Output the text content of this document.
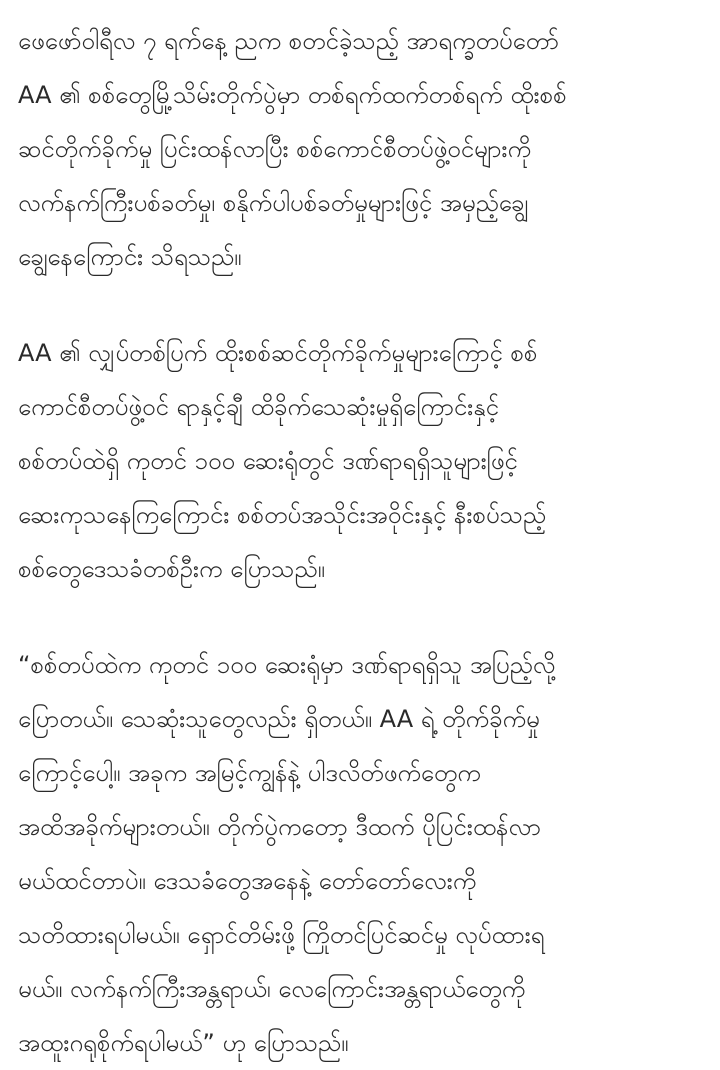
ဖေဖော်ဝါရီလ ၇ ရက်နေ့ ညက စတင်ခဲ့သည့် အာရက္ခတပ်တော်
AA ၏ စစ်တွေမြို့သိမ်းတိုက်ပွဲမှာ တစ်ရက်ထက်တစ်ရက် ထိုးစစ်
ဆင်တိုက်ခိုက်မှု ပြင်းထန်လာပြီး စစ်ကောင်စီတပ်ဖွဲ့ဝင်များကို
လက်နက်ကြီးပစ်ခတ်မှု၊ စနိုက်ပါပစ်ခတ်မှုများဖြင့် အမှည့်ချွေ
ချွေနေကြောင်း သိရသည်။
AA ၏ လျှပ်တစ်ပြက် ထိုးစစ်ဆင်တိုက်ခိုက်မှုများကြောင့် စစ်
ကောင်စီတပ်ဖွဲ့ဝင် ရာနှင့်ချီ ထိခိုက်သေဆုံးမှုရှိကြောင်းနှင့်
စစ်တပ်ထဲရှိ ကုတင် ၁၀၀ ဆေးရုံတွင် ဒဏ်ရာရရှိသူများဖြင့်
ဆေးကုသနေကြကြောင်း စစ်တပ်အသိုင်းအဝိုင်းနှင့် နီးစပ်သည့်
စစ်တွေဒေသခံတစ်ဦးက ပြောသည်။
“စစ်တပ်ထဲက ကုတင် ၁၀၀ ဆေးရုံမှာ ဒဏ်ရာရရှိသူ အပြည့်လို့
ပြောတယ်။ သေဆုံးသူတွေလည်း ရှိတယ်။ AA ရဲ့ တိုက်ခိုက်မှု
ကြောင့်ပေါ့။ အခုက အမြင့်ကျွန်နဲ့ ပါဒလိတ်ဖက်တွေက
အထိအခိုက်များတယ်။ တိုက်ပွဲကတော့ ဒီထက် ပိုပြင်းထန်လာ
မယ်ထင်တာပဲ။ ဒေသခံတွေအနေနဲ့ တော်တော်လေးကို
သတိထားရပါမယ်။ ရှောင်တိမ်းဖို့ ကြိုတင်ပြင်ဆင်မှု လုပ်ထားရ
မယ်။ လက်နက်ကြီးအန္တရာယ်၊ လေကြောင်းအန္တရာယ်တွေကို
အထူးဂရုစိုက်ရပါမယ်” ဟု ပြောသည်။
